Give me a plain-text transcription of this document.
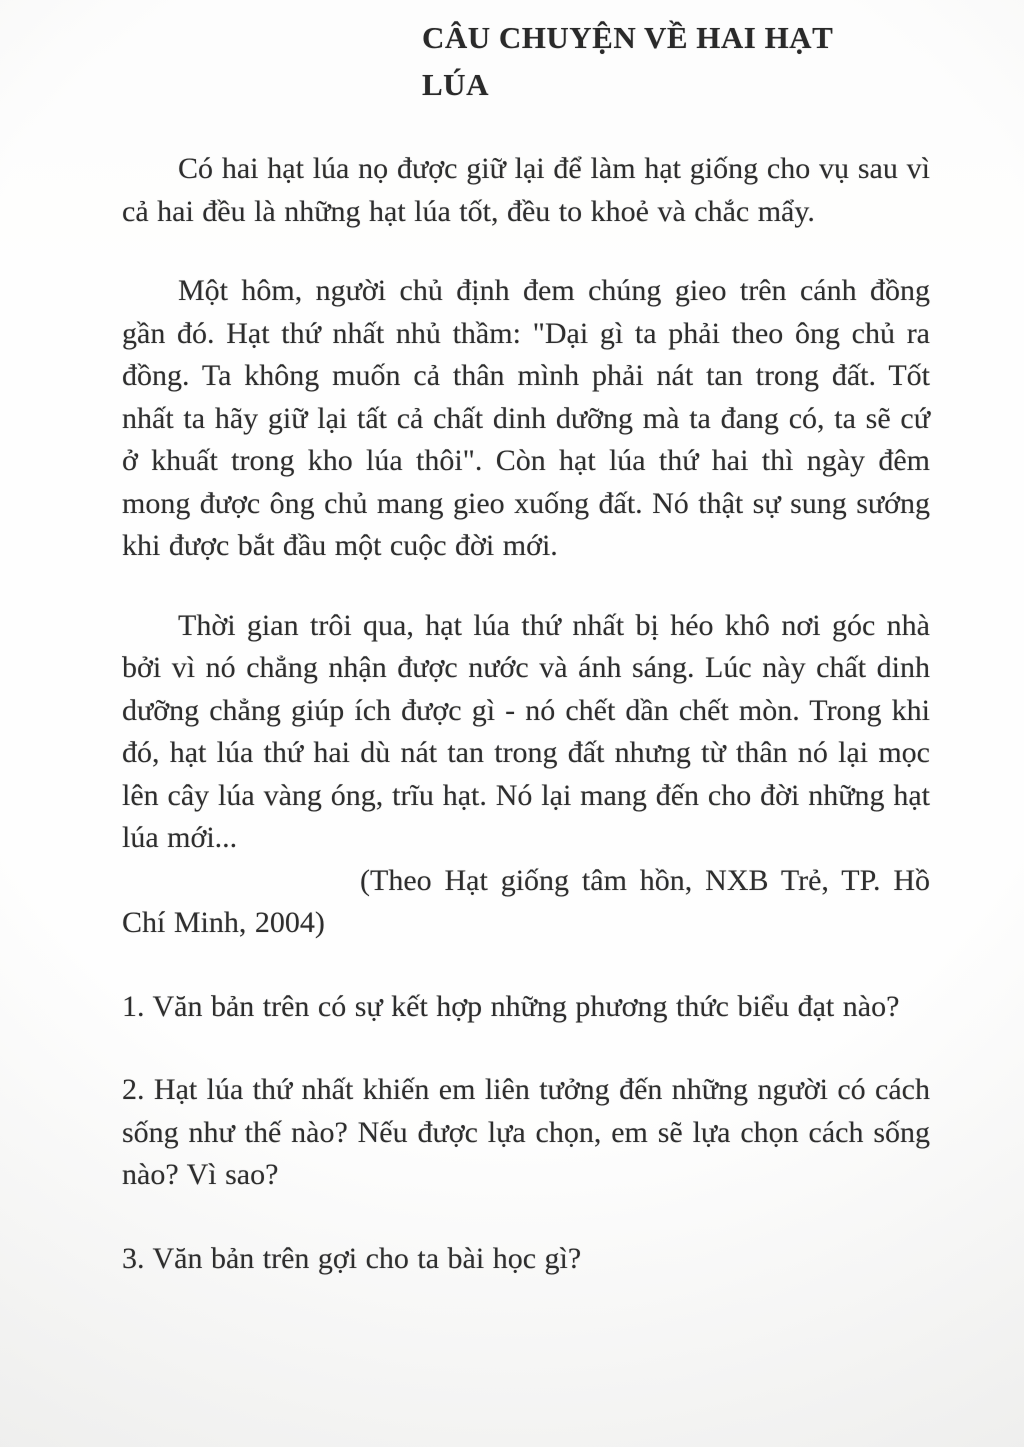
CÂU CHUYỆN VỀ HAI HẠT
LÚA

Có hai hạt lúa nọ được giữ lại để làm hạt giống cho vụ sau vì cả hai đều là những hạt lúa tốt, đều to khoẻ và chắc mẩy.

Một hôm, người chủ định đem chúng gieo trên cánh đồng gần đó. Hạt thứ nhất nhủ thầm: "Dại gì ta phải theo ông chủ ra đồng. Ta không muốn cả thân mình phải nát tan trong đất. Tốt nhất ta hãy giữ lại tất cả chất dinh dưỡng mà ta đang có, ta sẽ cứ ở khuất trong kho lúa thôi". Còn hạt lúa thứ hai thì ngày đêm mong được ông chủ mang gieo xuống đất. Nó thật sự sung sướng khi được bắt đầu một cuộc đời mới.

Thời gian trôi qua, hạt lúa thứ nhất bị héo khô nơi góc nhà bởi vì nó chẳng nhận được nước và ánh sáng. Lúc này chất dinh dưỡng chẳng giúp ích được gì - nó chết dần chết mòn. Trong khi đó, hạt lúa thứ hai dù nát tan trong đất nhưng từ thân nó lại mọc lên cây lúa vàng óng, trĩu hạt. Nó lại mang đến cho đời những hạt lúa mới...

(Theo Hạt giống tâm hồn, NXB Trẻ, TP. Hồ Chí Minh, 2004)

1. Văn bản trên có sự kết hợp những phương thức biểu đạt nào?

2. Hạt lúa thứ nhất khiến em liên tưởng đến những người có cách sống như thế nào? Nếu được lựa chọn, em sẽ lựa chọn cách sống nào? Vì sao?

3. Văn bản trên gợi cho ta bài học gì?
